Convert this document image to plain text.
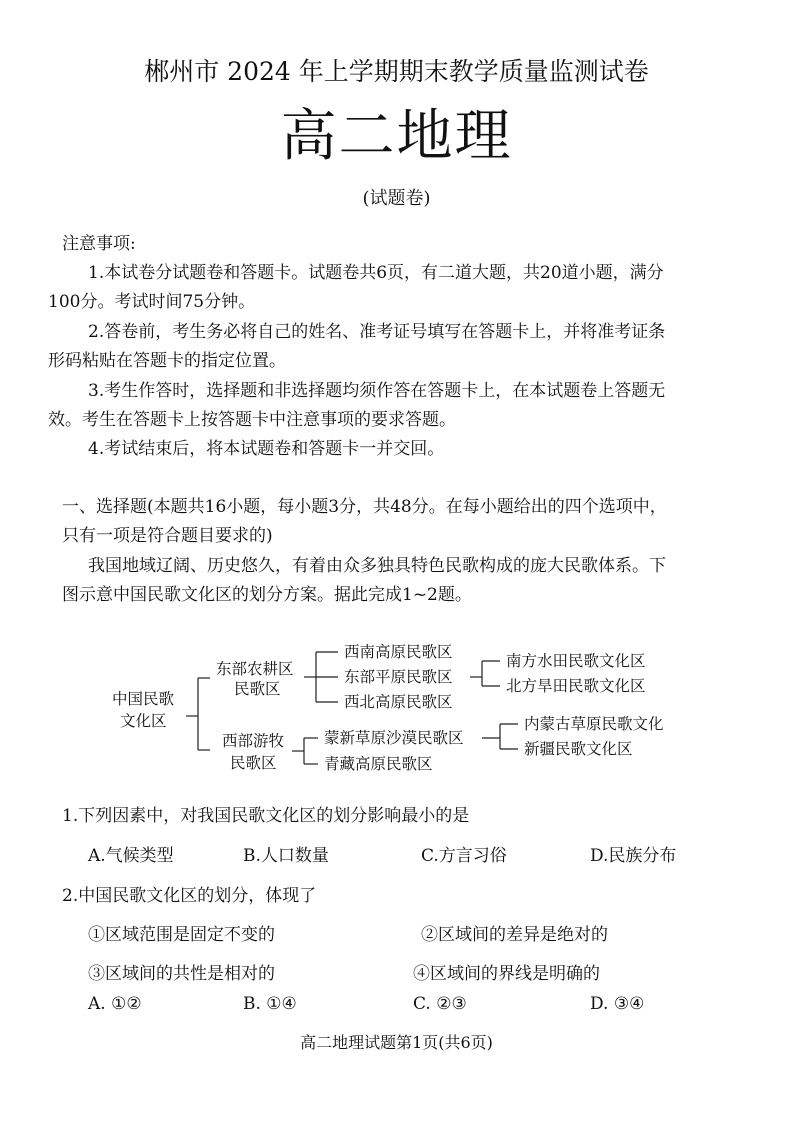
郴州市 2024 年上学期期末教学质量监测试卷
高二地理
(试题卷)
注意事项:
1.本试卷分试题卷和答题卡。试题卷共6页，有二道大题，共20道小题，满分
100分。考试时间75分钟。
2.答卷前，考生务必将自己的姓名、准考证号填写在答题卡上，并将准考证条
形码粘贴在答题卡的指定位置。
3.考生作答时，选择题和非选择题均须作答在答题卡上，在本试题卷上答题无
效。考生在答题卡上按答题卡中注意事项的要求答题。
4.考试结束后，将本试题卷和答题卡一并交回。
一、选择题(本题共16小题，每小题3分，共48分。在每小题给出的四个选项中，
只有一项是符合题目要求的)
我国地域辽阔、历史悠久，有着由众多独具特色民歌构成的庞大民歌体系。下
图示意中国民歌文化区的划分方案。据此完成1~2题。
中国民歌
文化区
东部农耕区
民歌区
西南高原民歌区
东部平原民歌区
西北高原民歌区
南方水田民歌文化区
北方旱田民歌文化区
西部游牧
民歌区
蒙新草原沙漠民歌区
青藏高原民歌区
内蒙古草原民歌文化
新疆民歌文化区
1.下列因素中，对我国民歌文化区的划分影响最小的是
A.气候类型	B.人口数量	C.方言习俗	D.民族分布
2.中国民歌文化区的划分，体现了
①区域范围是固定不变的	②区域间的差异是绝对的
③区域间的共性是相对的	④区域间的界线是明确的
A. ①②	B. ①④	C. ②③	D. ③④
高二地理试题第1页(共6页)
